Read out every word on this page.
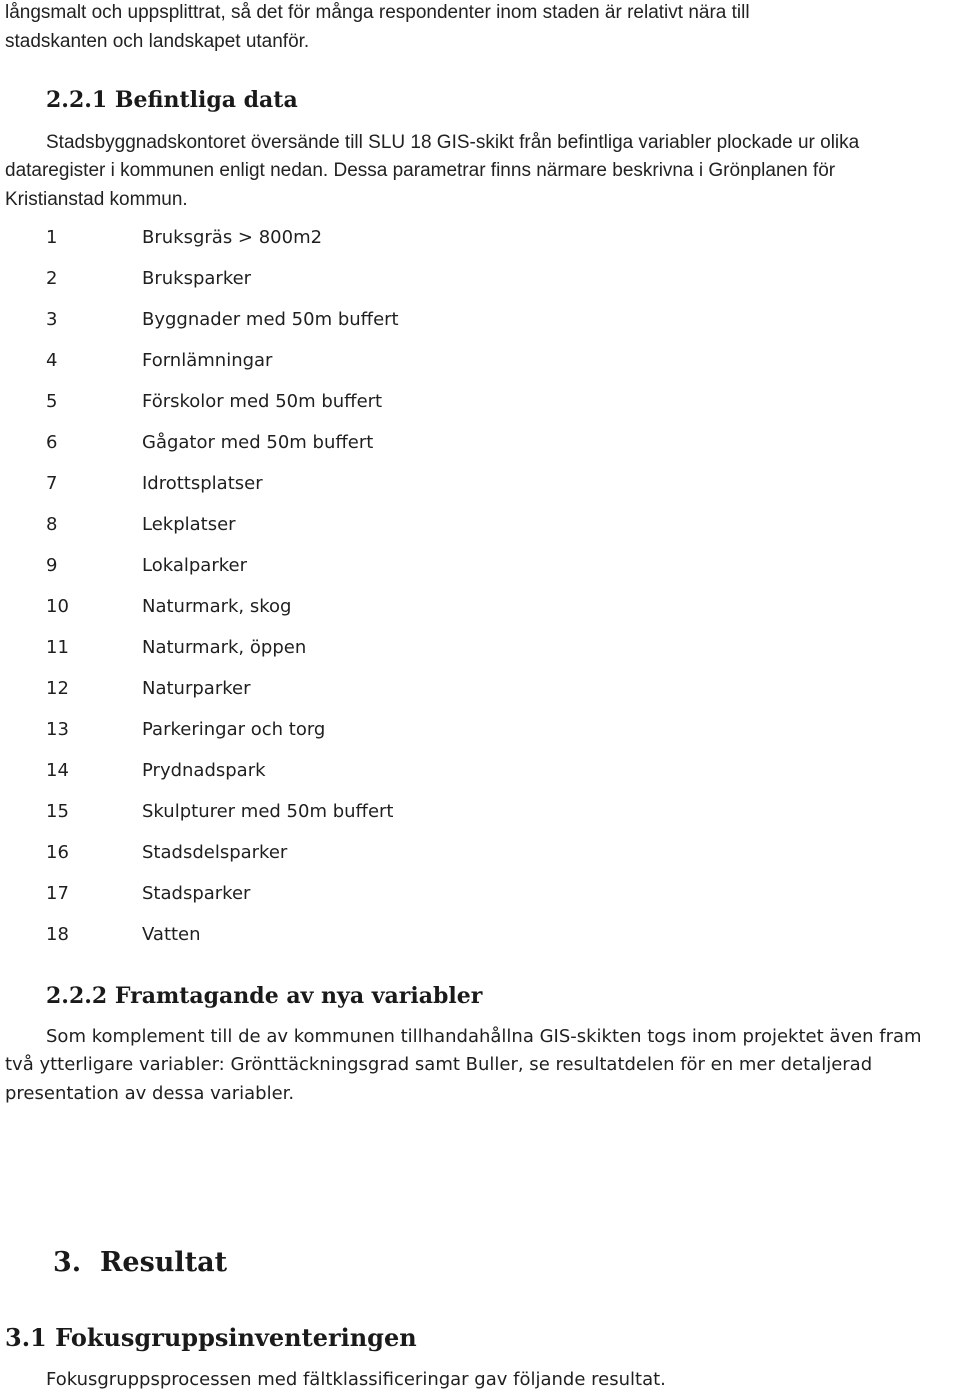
långsmalt och uppsplittrat, så det för många respondenter inom staden är relativt nära till

stadskanten och landskapet utanför.

2.2.1 Befintliga data

Stadsbyggnadskontoret översände till SLU 18 GIS-skikt från befintliga variabler plockade ur olika

dataregister i kommunen enligt nedan. Dessa parametrar finns närmare beskrivna i Grönplanen för

Kristianstad kommun.

1	Bruksgräs > 800m2
2	Bruksparker
3	Byggnader med 50m buffert
4	Fornlämningar
5	Förskolor med 50m buffert
6	Gågator med 50m buffert
7	Idrottsplatser
8	Lekplatser
9	Lokalparker
10	Naturmark, skog
11	Naturmark, öppen
12	Naturparker
13	Parkeringar och torg
14	Prydnadspark
15	Skulpturer med 50m buffert
16	Stadsdelsparker
17	Stadsparker
18	Vatten
2.2.2 Framtagande av nya variabler

Som komplement till de av kommunen tillhandahållna GIS-skikten togs inom projektet även fram

två ytterligare variabler: Grönttäckningsgrad samt Buller, se resultatdelen för en mer detaljerad

presentation av dessa variabler.

3.  Resultat
3.1 Fokusgruppsinventeringen

Fokusgruppsprocessen med fältklassificeringar gav följande resultat.
